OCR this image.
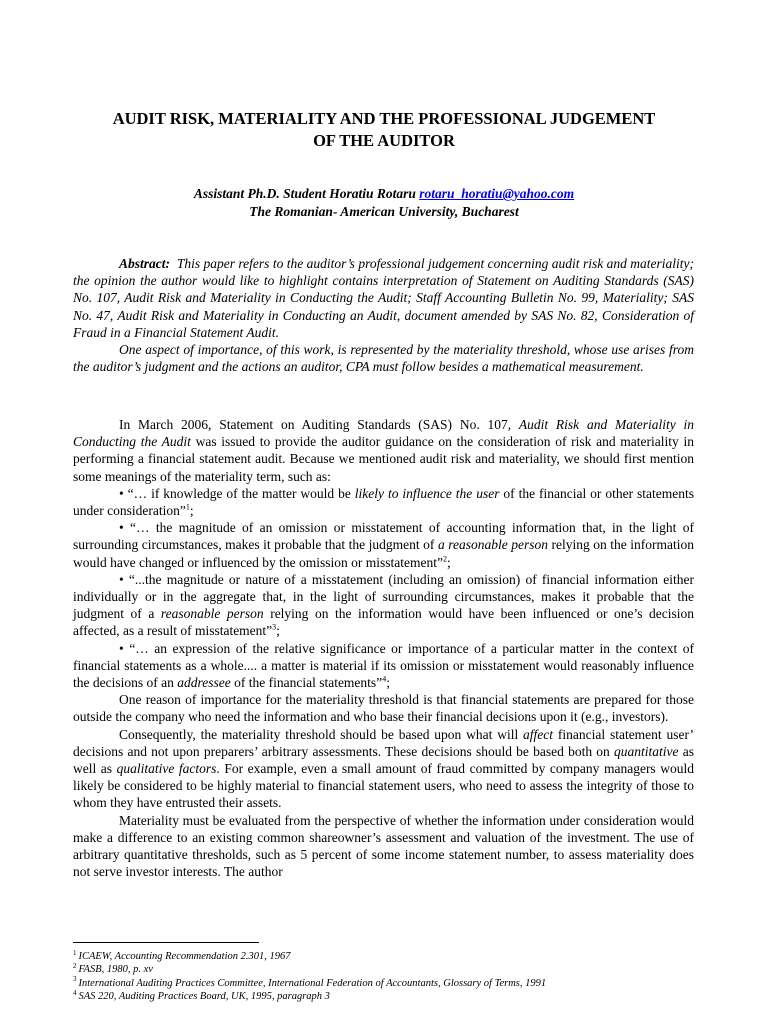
AUDIT RISK, MATERIALITY AND THE PROFESSIONAL JUDGEMENT
OF THE AUDITOR
Assistant Ph.D. Student Horatiu Rotaru rotaru_horatiu@yahoo.com
The Romanian- American University, Bucharest

Abstract: This paper refers to the auditor’s professional judgement concerning audit risk and materiality; the opinion the author would like to highlight contains interpretation of Statement on Auditing Standards (SAS) No. 107, Audit Risk and Materiality in Conducting the Audit; Staff Accounting Bulletin No. 99, Materiality; SAS No. 47, Audit Risk and Materiality in Conducting an Audit, document amended by SAS No. 82, Consideration of Fraud in a Financial Statement Audit.

One aspect of importance, of this work, is represented by the materiality threshold, whose use arises from the auditor’s judgment and the actions an auditor, CPA must follow besides a mathematical measurement.

In March 2006, Statement on Auditing Standards (SAS) No. 107, Audit Risk and Materiality in Conducting the Audit was issued to provide the auditor guidance on the consideration of risk and materiality in performing a financial statement audit. Because we mentioned audit risk and materiality, we should first mention some meanings of the materiality term, such as:

• “… if knowledge of the matter would be likely to influence the user of the financial or other statements under consideration”$^1$;

• “… the magnitude of an omission or misstatement of accounting information that, in the light of surrounding circumstances, makes it probable that the judgment of a reasonable person relying on the information would have changed or influenced by the omission or misstatement”$^2$;

• “...the magnitude or nature of a misstatement (including an omission) of financial information either individually or in the aggregate that, in the light of surrounding circumstances, makes it probable that the judgment of a reasonable person relying on the information would have been influenced or one’s decision affected, as a result of misstatement”$^3$;

• “… an expression of the relative significance or importance of a particular matter in the context of financial statements as a whole.... a matter is material if its omission or misstatement would reasonably influence the decisions of an addressee of the financial statements”$^4$;

One reason of importance for the materiality threshold is that financial statements are prepared for those outside the company who need the information and who base their financial decisions upon it (e.g., investors).

Consequently, the materiality threshold should be based upon what will affect financial statement user’ decisions and not upon preparers’ arbitrary assessments. These decisions should be based both on quantitative as well as qualitative factors. For example, even a small amount of fraud committed by company managers would likely be considered to be highly material to financial statement users, who need to assess the integrity of those to whom they have entrusted their assets.

Materiality must be evaluated from the perspective of whether the information under consideration would make a difference to an existing common shareowner’s assessment and valuation of the investment. The use of arbitrary quantitative thresholds, such as 5 percent of some income statement number, to assess materiality does not serve investor interests. The author

$^1$ ICAEW, Accounting Recommendation 2.301, 1967
$^2$ FASB, 1980, p. xv
$^3$ International Auditing Practices Committee, International Federation of Accountants, Glossary of Terms, 1991
$^4$ SAS 220, Auditing Practices Board, UK, 1995, paragraph 3
